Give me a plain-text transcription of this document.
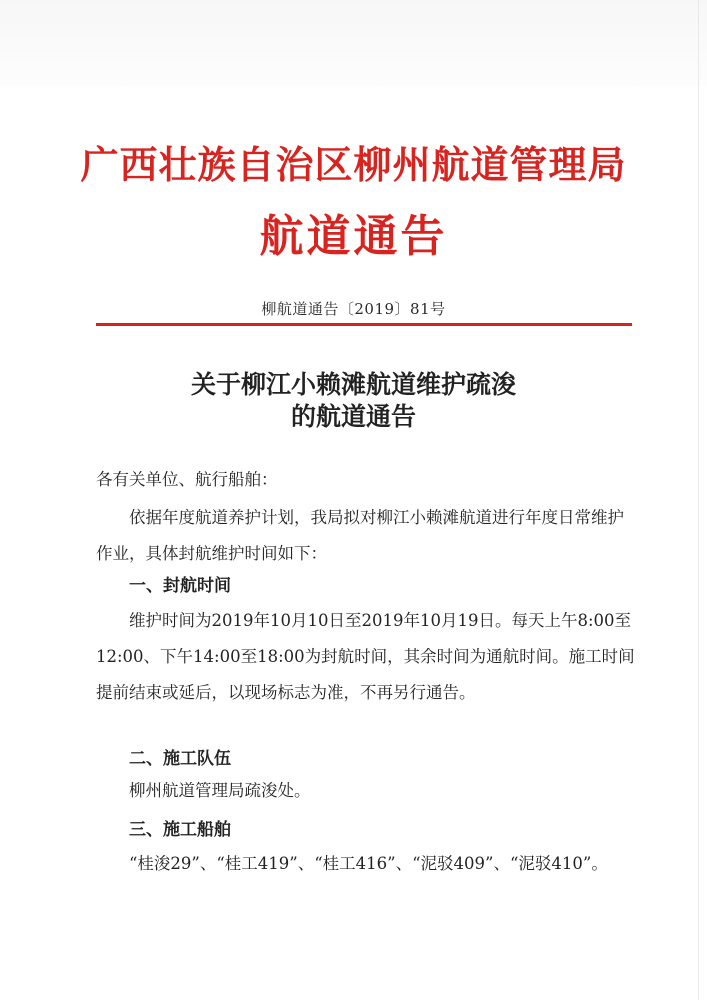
广西壮族自治区柳州航道管理局
航道通告
柳航道通告〔2019〕81号
关于柳江小赖滩航道维护疏浚
的航道通告
各有关单位、航行船舶：
依据年度航道养护计划，我局拟对柳江小赖滩航道进行年度日常维护作业，具体封航维护时间如下：
一、封航时间
维护时间为2019年10月10日至2019年10月19日。每天上午8:00至12:00、下午14:00至18:00为封航时间，其余时间为通航时间。施工时间提前结束或延后，以现场标志为准，不再另行通告。
二、施工队伍
柳州航道管理局疏浚处。
三、施工船舶
“桂浚29”、“桂工419”、“桂工416”、“泥驳409”、“泥驳410”。
